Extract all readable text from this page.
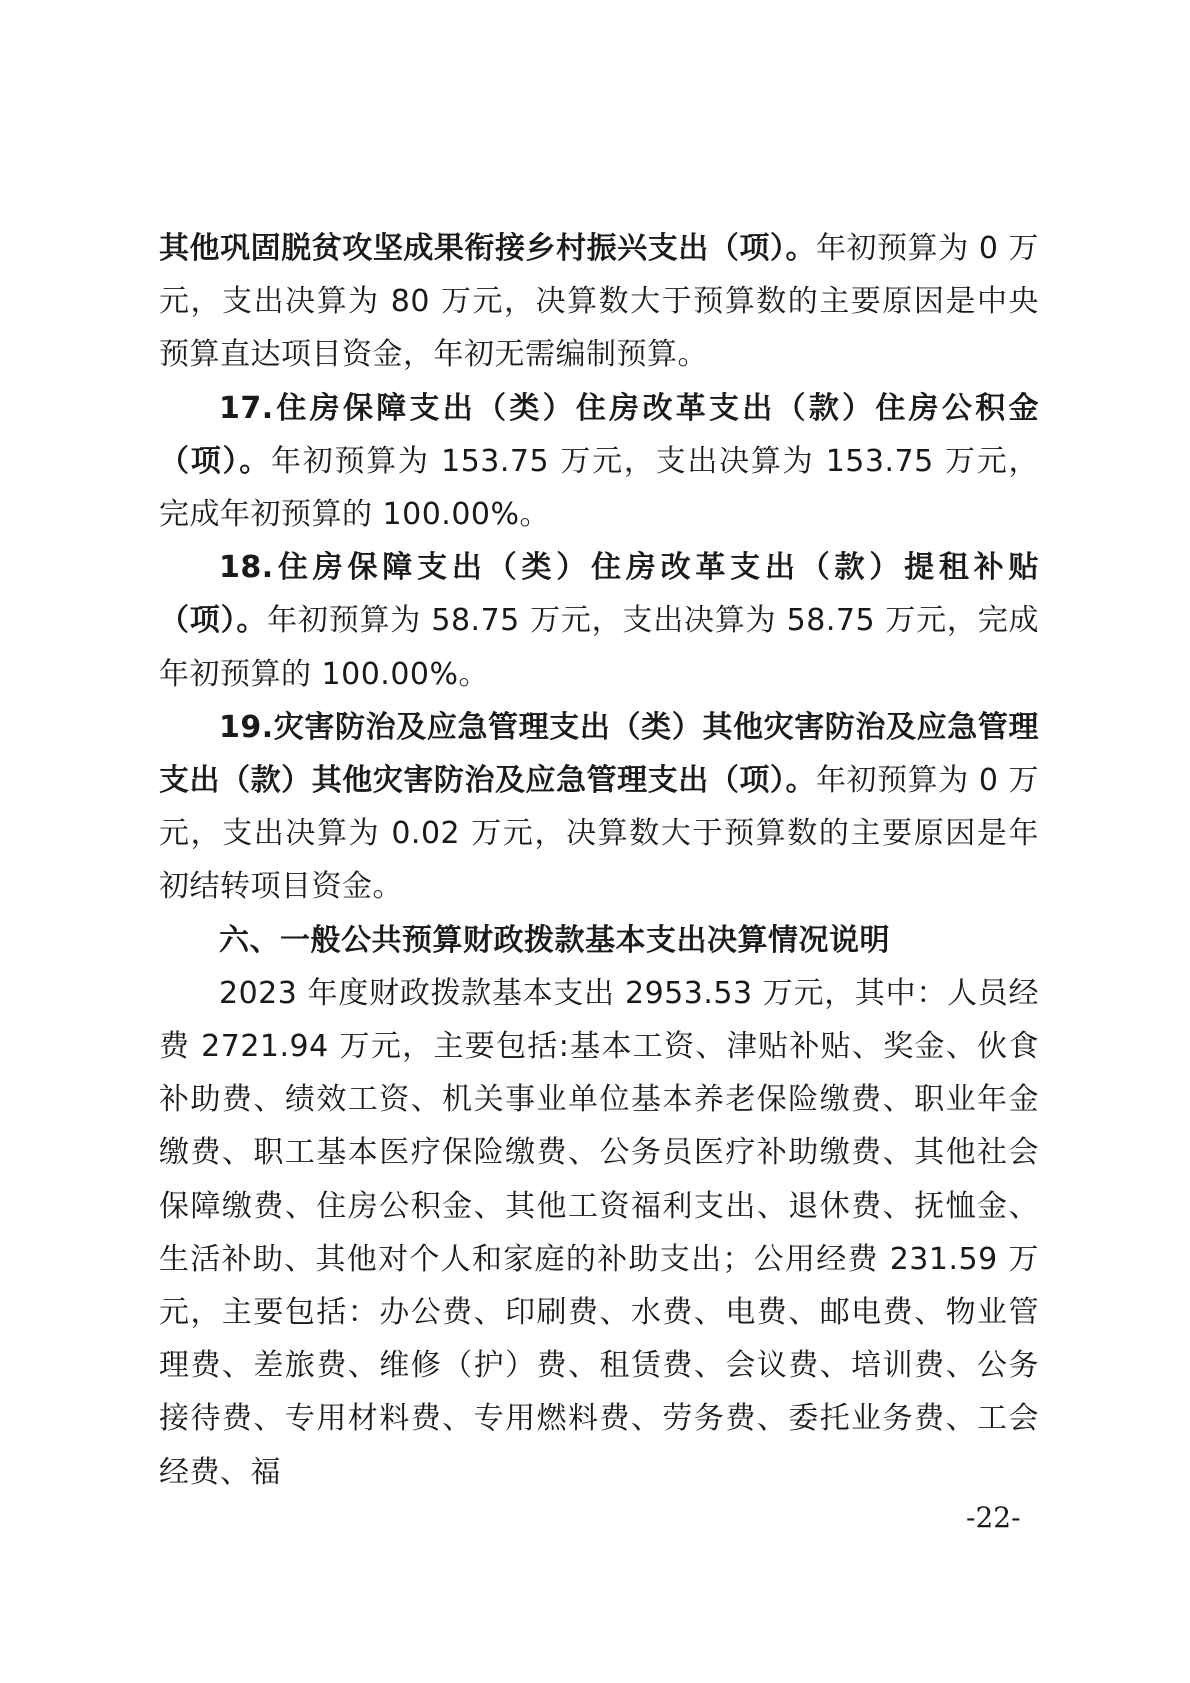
其他巩固脱贫攻坚成果衔接乡村振兴支出（项）。年初预算为 0 万元，支出决算为 80 万元，决算数大于预算数的主要原因是中央预算直达项目资金，年初无需编制预算。

17.住房保障支出（类）住房改革支出（款）住房公积金（项）。年初预算为 153.75 万元，支出决算为 153.75 万元，完成年初预算的 100.00%。

18.住房保障支出（类）住房改革支出（款）提租补贴（项）。年初预算为 58.75 万元，支出决算为 58.75 万元，完成年初预算的 100.00%。

19.灾害防治及应急管理支出（类）其他灾害防治及应急管理支出（款）其他灾害防治及应急管理支出（项）。年初预算为 0 万元，支出决算为 0.02 万元，决算数大于预算数的主要原因是年初结转项目资金。

六、一般公共预算财政拨款基本支出决算情况说明

2023 年度财政拨款基本支出 2953.53 万元，其中：人员经费 2721.94 万元，主要包括:基本工资、津贴补贴、奖金、伙食补助费、绩效工资、机关事业单位基本养老保险缴费、职业年金缴费、职工基本医疗保险缴费、公务员医疗补助缴费、其他社会保障缴费、住房公积金、其他工资福利支出、退休费、抚恤金、生活补助、其他对个人和家庭的补助支出；公用经费 231.59 万元，主要包括：办公费、印刷费、水费、电费、邮电费、物业管理费、差旅费、维修（护）费、租赁费、会议费、培训费、公务接待费、专用材料费、专用燃料费、劳务费、委托业务费、工会经费、福

-22-
